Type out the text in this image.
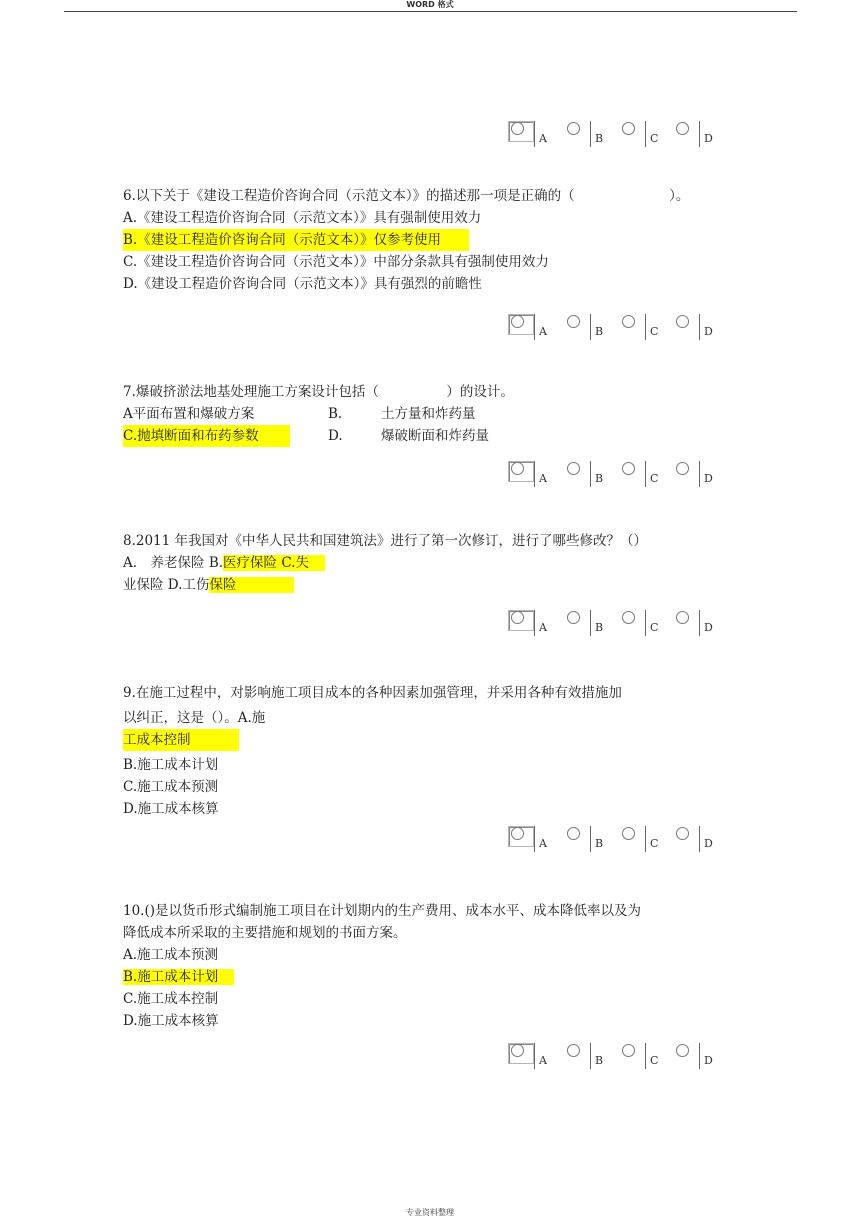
WORD 格式
A	B	C	D
6.以下关于《建设工程造价咨询合同（示范文本）》的描述那一项是正确的（　　　　　　　）。
A.《建设工程造价咨询合同（示范文本）》具有强制使用效力
B.《建设工程造价咨询合同（示范文本）》仅参考使用
C.《建设工程造价咨询合同（示范文本）》中部分条款具有强制使用效力
D.《建设工程造价咨询合同（示范文本）》具有强烈的前瞻性
A	B	C	D
7.爆破挤淤法地基处理施工方案设计包括（　　　　　）的设计。
A平面布置和爆破方案	B.	土方量和炸药量
C.抛填断面和布药参数	D.	爆破断面和炸药量
A	B	C	D
8.2011 年我国对《中华人民共和国建筑法》进行了第一次修订，进行了哪些修改？（）
A.　养老保险 B.医疗保险 C.失
业保险 D.工伤保险
A	B	C	D
9.在施工过程中，对影响施工项目成本的各种因素加强管理，并采用各种有效措施加
以纠正，这是（）。A.施
工成本控制
B.施工成本计划
C.施工成本预测
D.施工成本核算
A	B	C	D
10.()是以货币形式编制施工项目在计划期内的生产费用、成本水平、成本降低率以及为
降低成本所采取的主要措施和规划的书面方案。
A.施工成本预测
B.施工成本计划
C.施工成本控制
D.施工成本核算
A	B	C	D
专业资料整理
